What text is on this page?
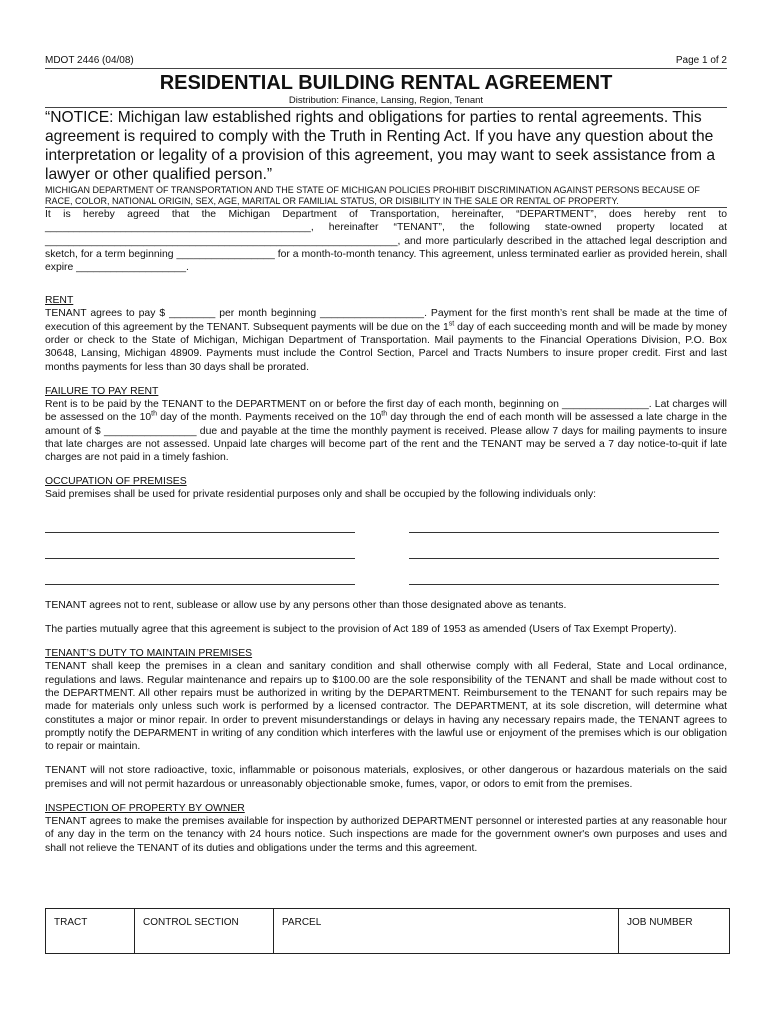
MDOT 2446 (04/08)	Page 1 of 2
RESIDENTIAL BUILDING RENTAL AGREEMENT
Distribution: Finance, Lansing, Region, Tenant
“NOTICE: Michigan law established rights and obligations for parties to rental agreements. This agreement is required to comply with the Truth in Renting Act. If you have any question about the interpretation or legality of a provision of this agreement, you may want to seek assistance from a lawyer or other qualified person.”
MICHIGAN DEPARTMENT OF TRANSPORTATION AND THE STATE OF MICHIGAN POLICIES PROHIBIT DISCRIMINATION AGAINST PERSONS BECAUSE OF RACE, COLOR, NATIONAL ORIGIN, SEX, AGE, MARITAL OR FAMILIAL STATUS, OR DISIBILITY IN THE SALE OR RENTAL OF PROPERTY.

It is hereby agreed that the Michigan Department of Transportation, hereinafter, “DEPARTMENT”, does hereby rent to ______________________________________________, hereinafter “TENANT”, the following state-owned property located at _____________________________________________________________, and more particularly described in the attached legal description and sketch, for a term beginning _________________ for a month-to-month tenancy. This agreement, unless terminated earlier as provided herein, shall expire ___________________.

RENT

TENANT agrees to pay $ ________ per month beginning __________________. Payment for the first month’s rent shall be made at the time of execution of this agreement by the TENANT. Subsequent payments will be due on the 1st day of each succeeding month and will be made by money order or check to the State of Michigan, Michigan Department of Transportation. Mail payments to the Financial Operations Division, P.O. Box 30648, Lansing, Michigan 48909. Payments must include the Control Section, Parcel and Tracts Numbers to insure proper credit. First and last months payments for less than 30 days shall be prorated.

FAILURE TO PAY RENT

Rent is to be paid by the TENANT to the DEPARTMENT on or before the first day of each month, beginning on _______________. Lat charges will be assessed on the 10th day of the month. Payments received on the 10th day through the end of each month will be assessed a late charge in the amount of $ ________________ due and payable at the time the monthly payment is received. Please allow 7 days for mailing payments to insure that late charges are not assessed. Unpaid late charges will become part of the rent and the TENANT may be served a 7 day notice-to-quit if late charges are not paid in a timely fashion.

OCCUPATION OF PREMISES

Said premises shall be used for private residential purposes only and shall be occupied by the following individuals only:

TENANT agrees not to rent, sublease or allow use by any persons other than those designated above as tenants.

The parties mutually agree that this agreement is subject to the provision of Act 189 of 1953 as amended (Users of Tax Exempt Property).

TENANT’S DUTY TO MAINTAIN PREMISES

TENANT shall keep the premises in a clean and sanitary condition and shall otherwise comply with all Federal, State and Local ordinance, regulations and laws. Regular maintenance and repairs up to $100.00 are the sole responsibility of the TENANT and shall be made without cost to the DEPARTMENT. All other repairs must be authorized in writing by the DEPARTMENT. Reimbursement to the TENANT for such repairs may be made for materials only unless such work is performed by a licensed contractor. The DEPARTMENT, at its sole discretion, will determine what constitutes a major or minor repair. In order to prevent misunderstandings or delays in having any necessary repairs made, the TENANT agrees to promptly notify the DEPARMENT in writing of any condition which interferes with the lawful use or enjoyment of the premises which is our obligation to repair or maintain.

TENANT will not store radioactive, toxic, inflammable or poisonous materials, explosives, or other dangerous or hazardous materials on the said premises and will not permit hazardous or unreasonably objectionable smoke, fumes, vapor, or odors to emit from the premises.

INSPECTION OF PROPERTY BY OWNER

TENANT agrees to make the premises available for inspection by authorized DEPARTMENT personnel or interested parties at any reasonable hour of any day in the term on the tenancy with 24 hours notice. Such inspections are made for the government owner's own purposes and uses and shall not relieve the TENANT of its duties and obligations under the terms and this agreement.

TRACT	CONTROL SECTION	PARCEL	JOB NUMBER
